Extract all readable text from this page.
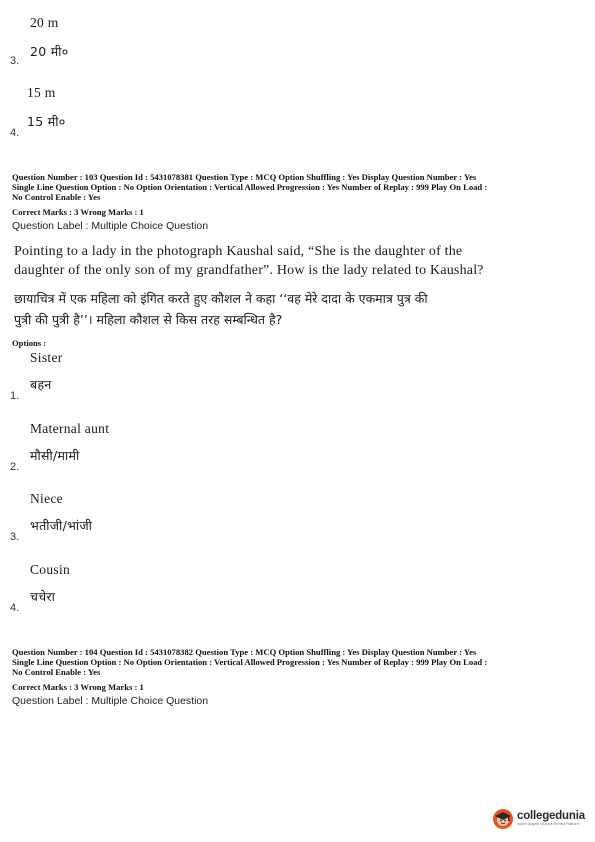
20 m
3.
20 मी०
15 m
4.
15 मी०
Question Number : 103 Question Id : 5431078381 Question Type : MCQ Option Shuffling : Yes Display Question Number : Yes
Single Line Question Option : No Option Orientation : Vertical Allowed Progression : Yes Number of Replay : 999 Play On Load :
No Control Enable : Yes
Correct Marks : 3 Wrong Marks : 1
Question Label : Multiple Choice Question
Pointing to a lady in the photograph Kaushal said, “She is the daughter of the
daughter of the only son of my grandfather”. How is the lady related to Kaushal?
छायाचित्र में एक महिला को इंगित करते हुए कौशल ने कहा ‘‘वह मेरे दादा के एकमात्र पुत्र की
पुत्री की पुत्री है’’। महिला कौशल से किस तरह सम्बन्धित है?
Options :
Sister
बहन
1.
Maternal aunt
मौसी/मामी
2.
Niece
भतीजी/भांजी
3.
Cousin
चचेरा
4.
Question Number : 104 Question Id : 5431078382 Question Type : MCQ Option Shuffling : Yes Display Question Number : Yes
Single Line Question Option : No Option Orientation : Vertical Allowed Progression : Yes Number of Replay : 999 Play On Load :
No Control Enable : Yes
Correct Marks : 3 Wrong Marks : 1
Question Label : Multiple Choice Question
collegedunia
India's largest Student Review Platform
